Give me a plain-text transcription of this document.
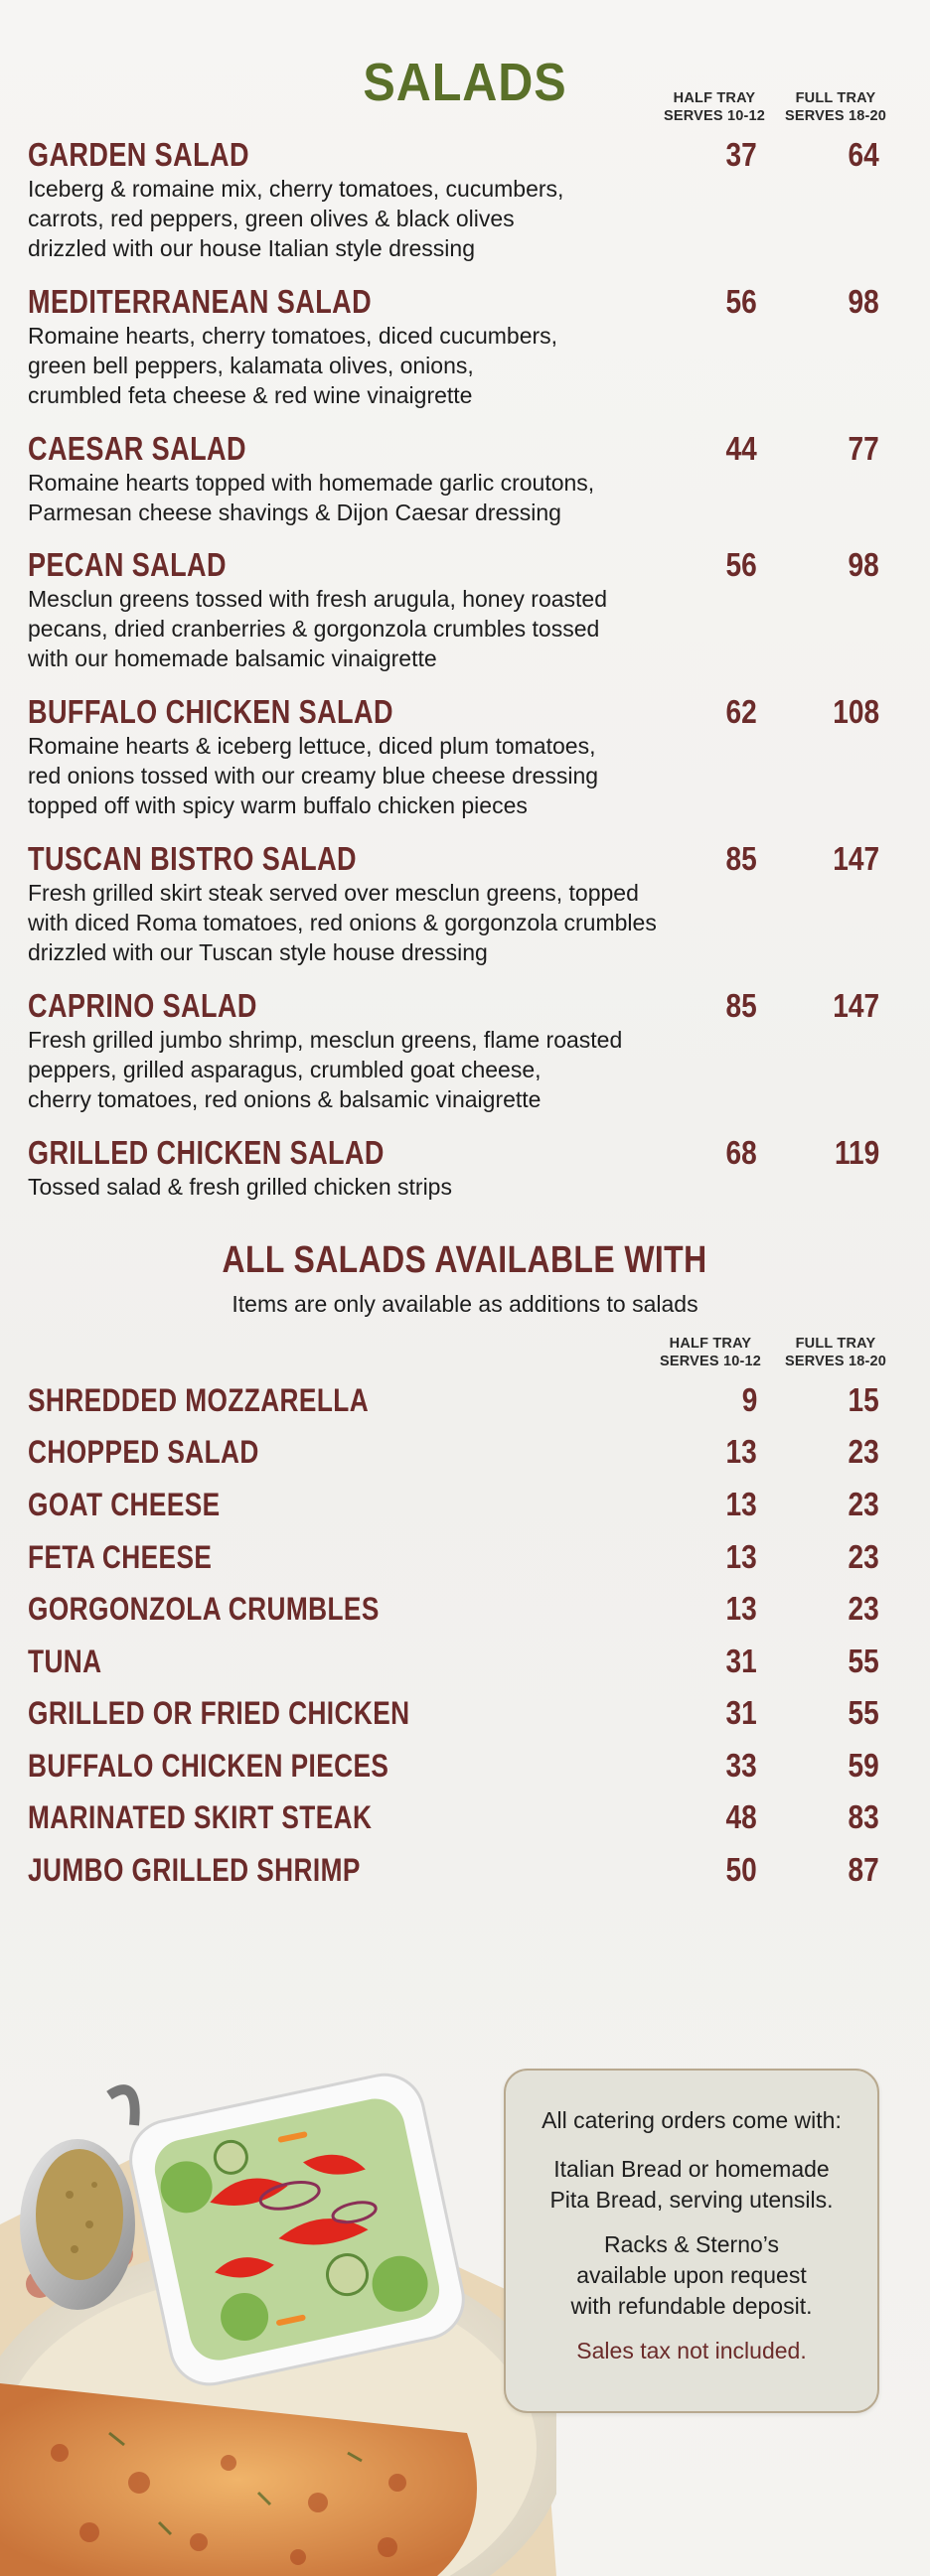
SALADS	HALF TRAY
SERVES 10-12
FULL TRAY
SERVES 18-20
GARDEN SALAD	37	64
Iceberg & romaine mix, cherry tomatoes, cucumbers,
carrots, red peppers, green olives & black olives
drizzled with our house Italian style dressing
MEDITERRANEAN SALAD	56	98
Romaine hearts, cherry tomatoes, diced cucumbers,
green bell peppers, kalamata olives, onions,
crumbled feta cheese & red wine vinaigrette
CAESAR SALAD	44	77
Romaine hearts topped with homemade garlic croutons,
Parmesan cheese shavings & Dijon Caesar dressing
PECAN SALAD	56	98
Mesclun greens tossed with fresh arugula, honey roasted
pecans, dried cranberries & gorgonzola crumbles tossed
with our homemade balsamic vinaigrette
BUFFALO CHICKEN SALAD	62	108
Romaine hearts & iceberg lettuce, diced plum tomatoes,
red onions tossed with our creamy blue cheese dressing
topped off with spicy warm buffalo chicken pieces
TUSCAN BISTRO SALAD	85	147
Fresh grilled skirt steak served over mesclun greens, topped
with diced Roma tomatoes, red onions & gorgonzola crumbles
drizzled with our Tuscan style house dressing
CAPRINO SALAD	85	147
Fresh grilled jumbo shrimp, mesclun greens, flame roasted
peppers, grilled asparagus, crumbled goat cheese,
cherry tomatoes, red onions & balsamic vinaigrette
GRILLED CHICKEN SALAD	68	119
Tossed salad & fresh grilled chicken strips
ALL SALADS AVAILABLE WITH
Items are only available as additions to salads
HALF TRAY
SERVES 10-12
FULL TRAY
SERVES 18-20
SHREDDED MOZZARELLA	9	15
CHOPPED SALAD	13	23
GOAT CHEESE	13	23
FETA CHEESE	13	23
GORGONZOLA CRUMBLES	13	23
TUNA	31	55
GRILLED OR FRIED CHICKEN	31	55
BUFFALO CHICKEN PIECES	33	59
MARINATED SKIRT STEAK	48	83
JUMBO GRILLED SHRIMP	50	87

All catering orders come with:

Italian Bread or homemade

Pita Bread, serving utensils.

Racks & Sterno’s

available upon request

with refundable deposit.

Sales tax not included.
